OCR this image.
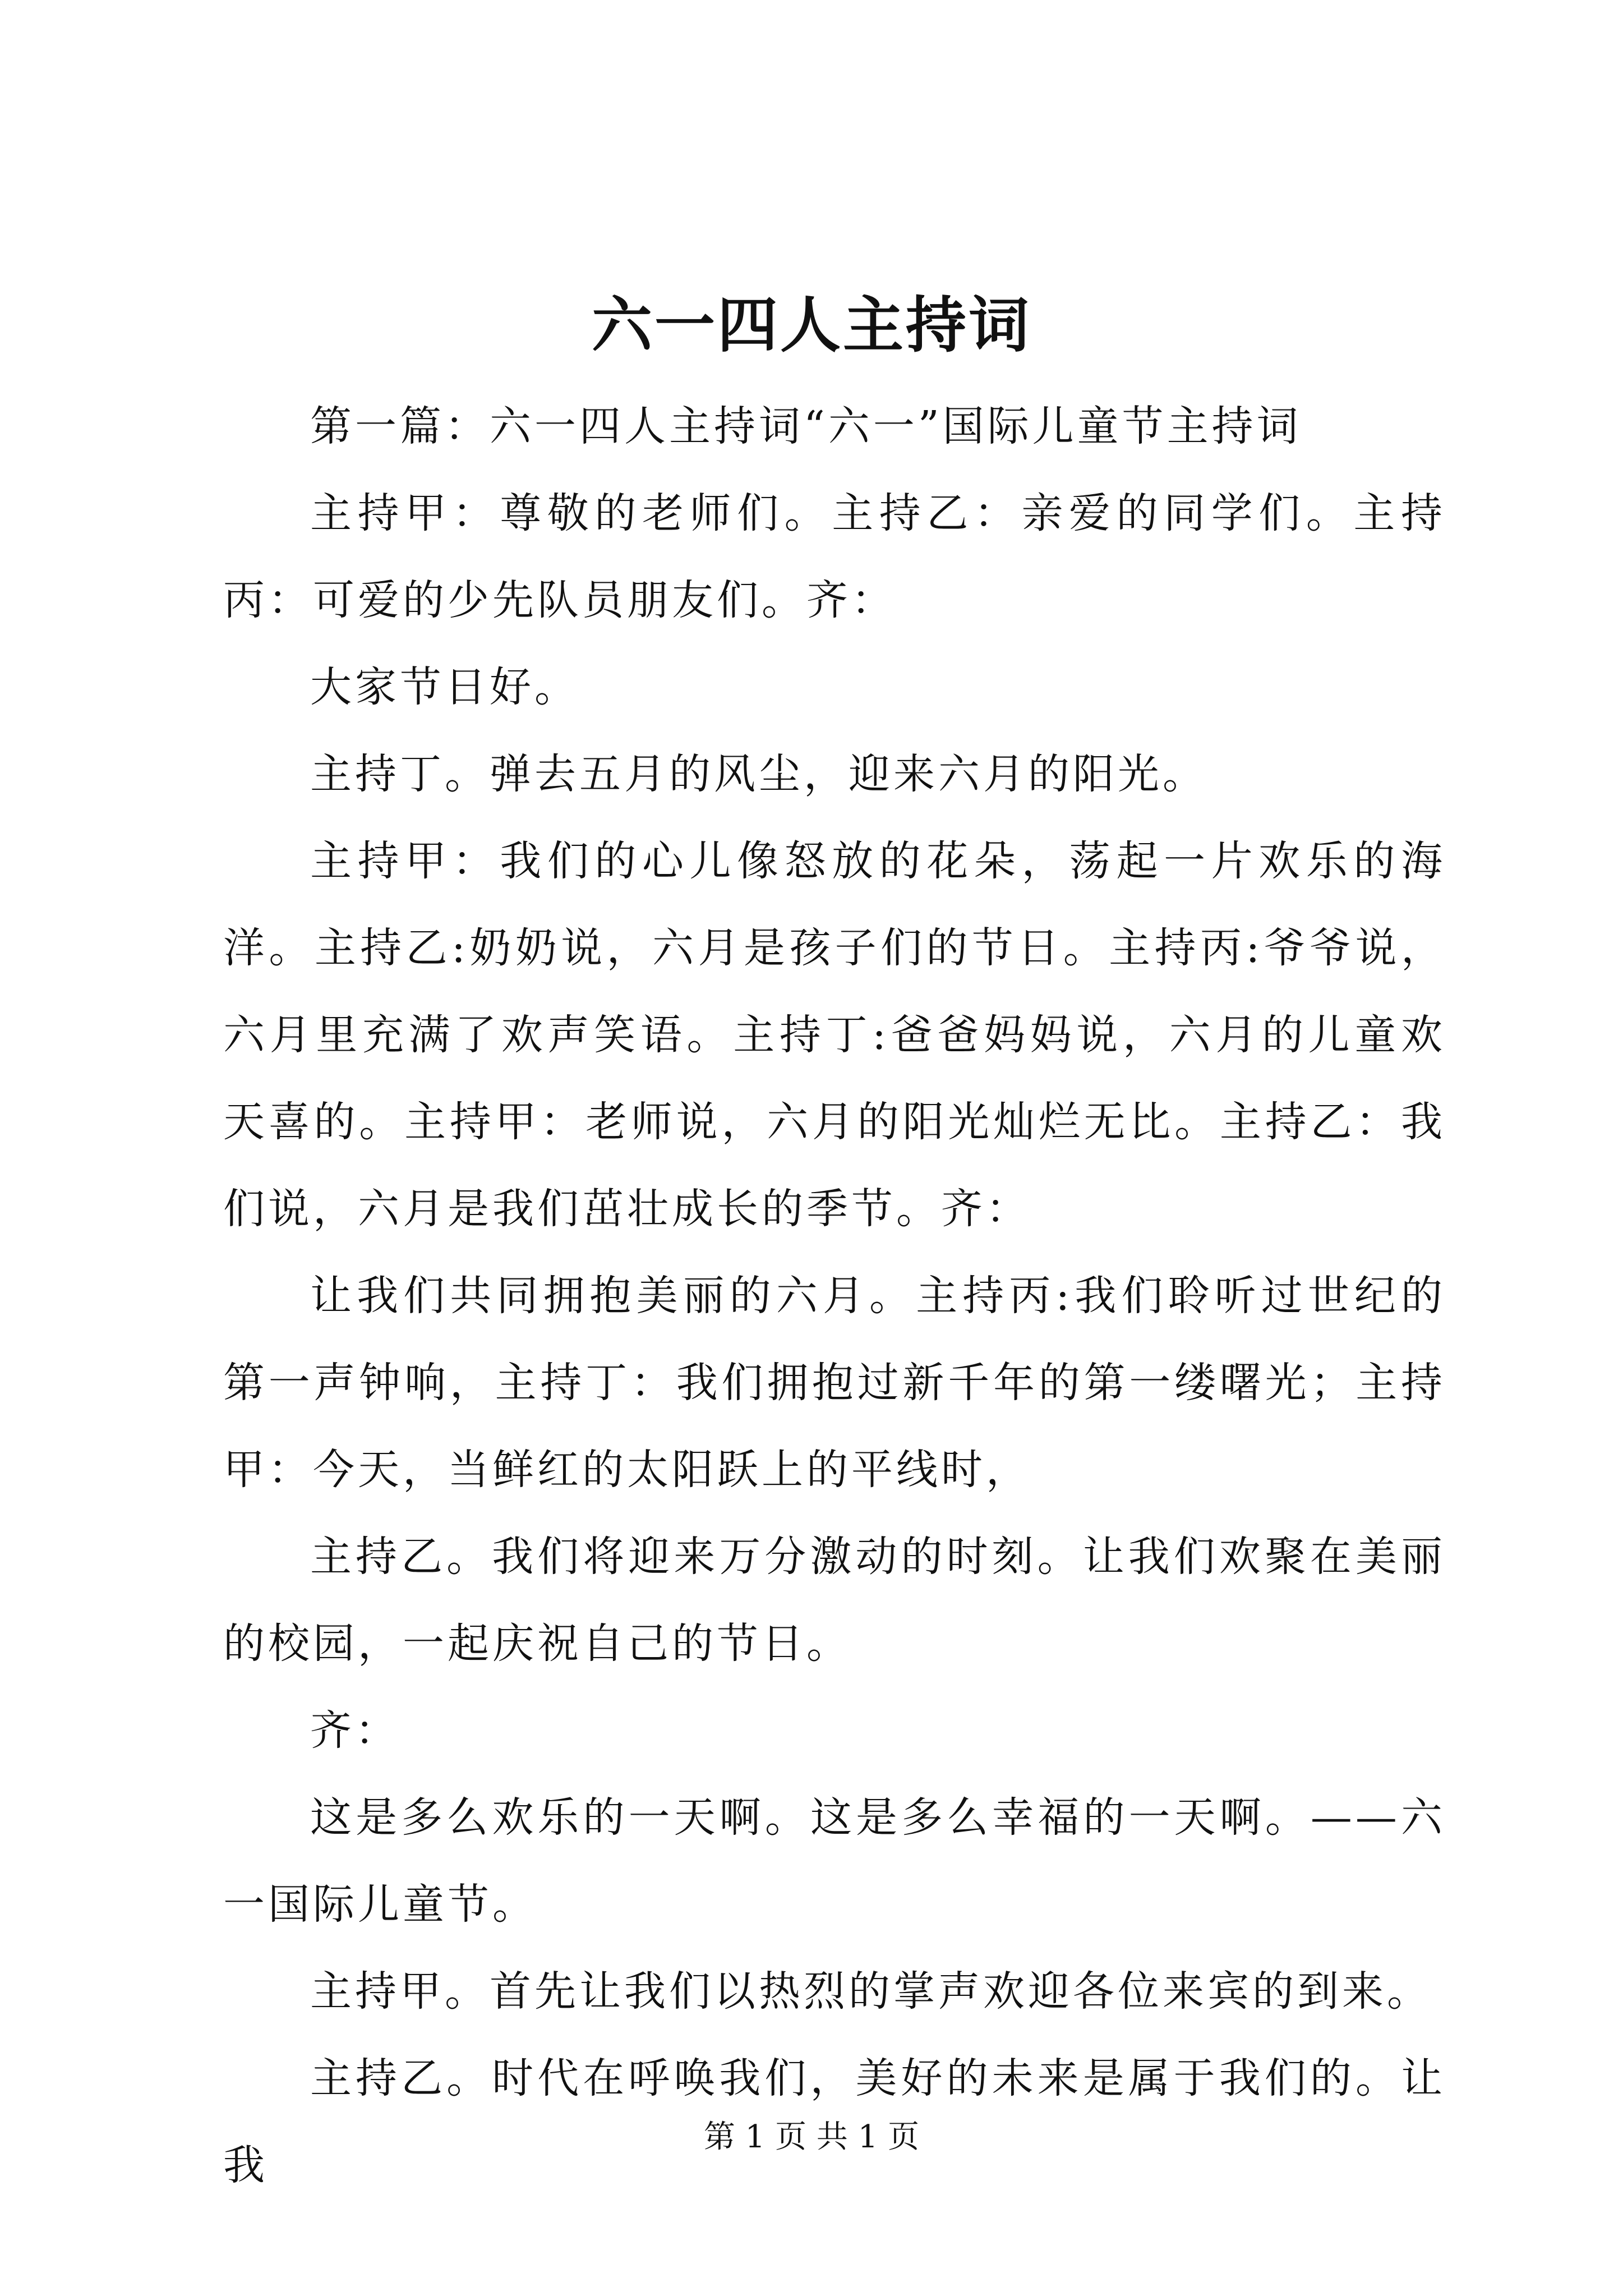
六一四人主持词

第一篇：六一四人主持词“六一”国际儿童节主持词

主持甲：尊敬的老师们。主持乙：亲爱的同学们。主持丙：可爱的少先队员朋友们。齐：

大家节日好。

主持丁。弹去五月的风尘，迎来六月的阳光。

主持甲：我们的心儿像怒放的花朵，荡起一片欢乐的海洋。主持乙:奶奶说，六月是孩子们的节日。主持丙:爷爷说，六月里充满了欢声笑语。主持丁:爸爸妈妈说，六月的儿童欢天喜的。主持甲：老师说，六月的阳光灿烂无比。主持乙：我们说，六月是我们茁壮成长的季节。齐：

让我们共同拥抱美丽的六月。主持丙:我们聆听过世纪的第一声钟响，主持丁：我们拥抱过新千年的第一缕曙光；主持甲：今天，当鲜红的太阳跃上的平线时，

主持乙。我们将迎来万分激动的时刻。让我们欢聚在美丽的校园，一起庆祝自己的节日。

齐：

这是多么欢乐的一天啊。这是多么幸福的一天啊。——六一国际儿童节。

主持甲。首先让我们以热烈的掌声欢迎各位来宾的到来。

主持乙。时代在呼唤我们，美好的未来是属于我们的。让我

第 1 页 共 1 页
